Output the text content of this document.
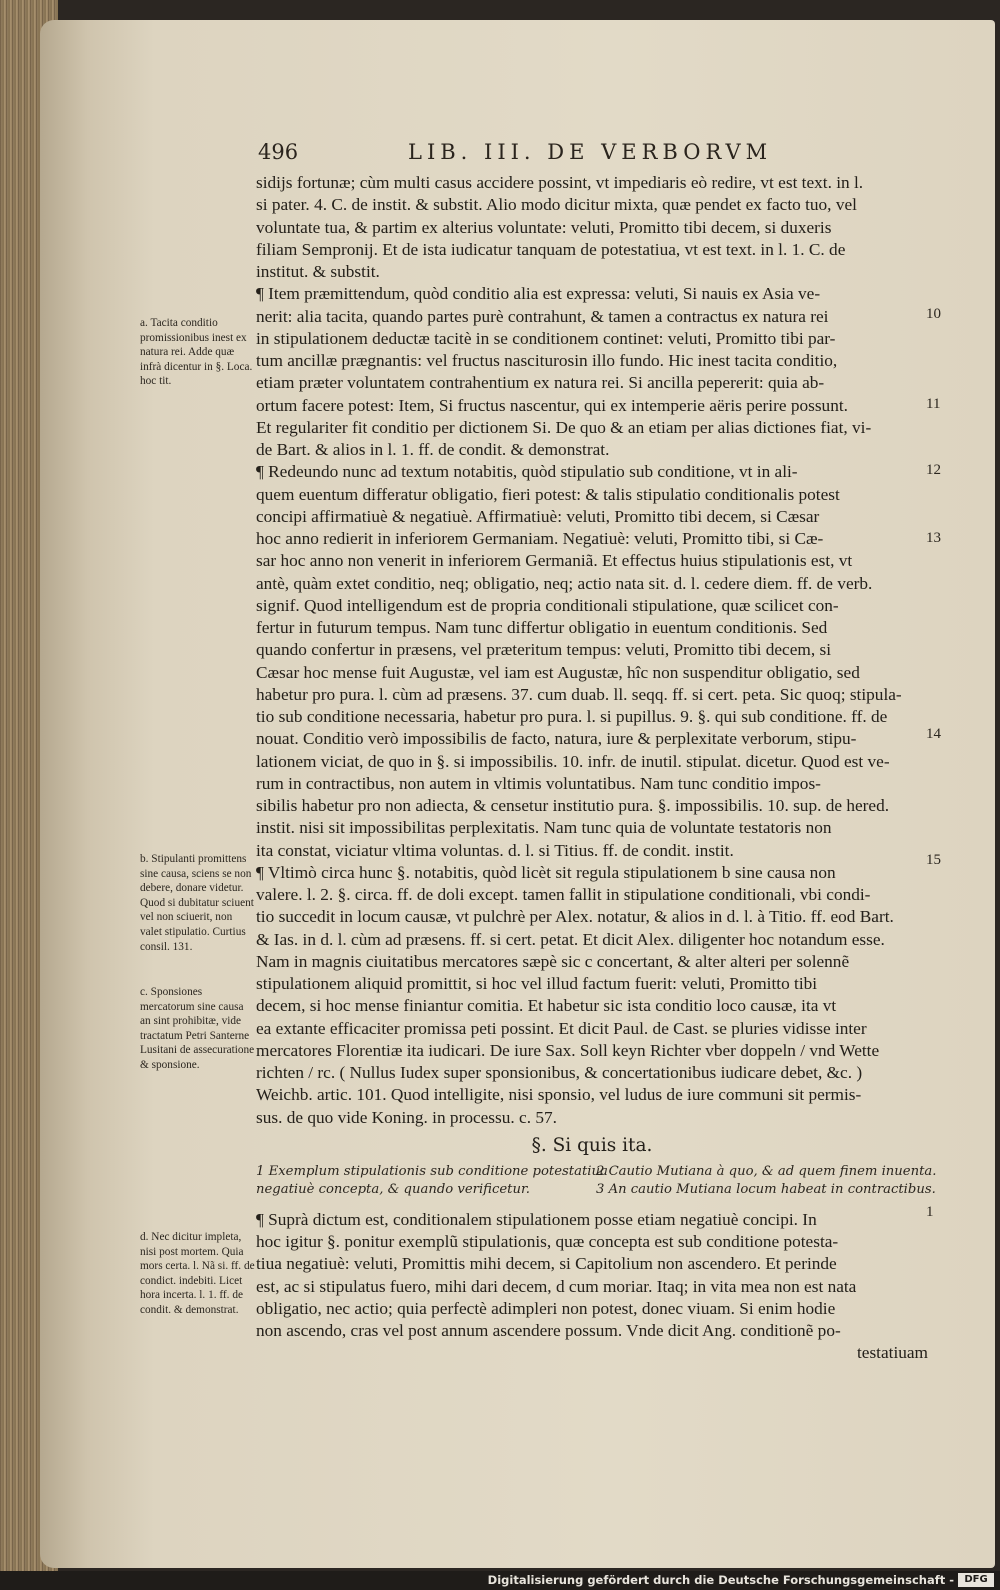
496	LIB. III. DE VERBORVM
sidijs fortunæ; cùm multi casus accidere possint, vt impediaris eò redire, vt est text. in l.
si pater. 4. C. de instit. & substit. Alio modo dicitur mixta, quæ pendet ex facto tuo, vel
voluntate tua, & partim ex alterius voluntate: veluti, Promitto tibi decem, si duxeris
filiam Sempronij. Et de ista iudicatur tanquam de potestatiua, vt est text. in l. 1. C. de
institut. & substit.
¶ Item præmittendum, quòd conditio alia est expressa: veluti, Si nauis ex Asia ve-
nerit: alia tacita, quando partes purè contrahunt, & tamen a contractus ex natura rei
in stipulationem deductæ tacitè in se conditionem continet: veluti, Promitto tibi par-
tum ancillæ prægnantis: vel fructus nasciturosin illo fundo. Hic inest tacita conditio,
etiam præter voluntatem contrahentium ex natura rei. Si ancilla pepererit: quia ab-
ortum facere potest: Item, Si fructus nascentur, qui ex intemperie aëris perire possunt.
Et regulariter fit conditio per dictionem Si. De quo & an etiam per alias dictiones fiat, vi-
de Bart. & alios in l. 1. ff. de condit. & demonstrat.
¶ Redeundo nunc ad textum notabitis, quòd stipulatio sub conditione, vt in ali-
quem euentum differatur obligatio, fieri potest: & talis stipulatio conditionalis potest
concipi affirmatiuè & negatiuè. Affirmatiuè: veluti, Promitto tibi decem, si Cæsar
hoc anno redierit in inferiorem Germaniam. Negatiuè: veluti, Promitto tibi, si Cæ-
sar hoc anno non venerit in inferiorem Germaniã. Et effectus huius stipulationis est, vt
antè, quàm extet conditio, neq; obligatio, neq; actio nata sit. d. l. cedere diem. ff. de verb.
signif. Quod intelligendum est de propria conditionali stipulatione, quæ scilicet con-
fertur in futurum tempus. Nam tunc differtur obligatio in euentum conditionis. Sed
quando confertur in præsens, vel præteritum tempus: veluti, Promitto tibi decem, si
Cæsar hoc mense fuit Augustæ, vel iam est Augustæ, hîc non suspenditur obligatio, sed
habetur pro pura. l. cùm ad præsens. 37. cum duab. ll. seqq. ff. si cert. peta. Sic quoq; stipula-
tio sub conditione necessaria, habetur pro pura. l. si pupillus. 9. §. qui sub conditione. ff. de
nouat. Conditio verò impossibilis de facto, natura, iure & perplexitate verborum, stipu-
lationem viciat, de quo in §. si impossibilis. 10. infr. de inutil. stipulat. dicetur. Quod est ve-
rum in contractibus, non autem in vltimis voluntatibus. Nam tunc conditio impos-
sibilis habetur pro non adiecta, & censetur institutio pura. §. impossibilis. 10. sup. de hered.
instit. nisi sit impossibilitas perplexitatis. Nam tunc quia de voluntate testatoris non
ita constat, viciatur vltima voluntas. d. l. si Titius. ff. de condit. instit.
¶ Vltimò circa hunc §. notabitis, quòd licèt sit regula stipulationem b sine causa non
valere. l. 2. §. circa. ff. de doli except. tamen fallit in stipulatione conditionali, vbi condi-
tio succedit in locum causæ, vt pulchrè per Alex. notatur, & alios in d. l. à Titio. ff. eod Bart.
& Ias. in d. l. cùm ad præsens. ff. si cert. petat. Et dicit Alex. diligenter hoc notandum esse.
Nam in magnis ciuitatibus mercatores sæpè sic c concertant, & alter alteri per solennẽ
stipulationem aliquid promittit, si hoc vel illud factum fuerit: veluti, Promitto tibi
decem, si hoc mense finiantur comitia. Et habetur sic ista conditio loco causæ, ita vt
ea extante efficaciter promissa peti possint. Et dicit Paul. de Cast. se pluries vidisse inter
mercatores Florentiæ ita iudicari. De iure Sax. Soll keyn Richter vber doppeln / vnd Wette
richten / rc. ( Nullus Iudex super sponsionibus, & concertationibus iudicare debet, &c. )
Weichb. artic. 101. Quod intelligite, nisi sponsio, vel ludus de iure communi sit permis-
sus. de quo vide Koning. in processu. c. 57.
§. Si quis ita.
1 Exemplum stipulationis sub conditione potestatiua2 Cautio Mutiana à quo, & ad quem finem inuenta.
negatiuè concepta, & quando verificetur.	3 An cautio Mutiana locum habeat in contractibus.
¶ Suprà dictum est, conditionalem stipulationem posse etiam negatiuè concipi. In
hoc igitur §. ponitur exemplũ stipulationis, quæ concepta est sub conditione potesta-
tiua negatiuè: veluti, Promittis mihi decem, si Capitolium non ascendero. Et perinde
est, ac si stipulatus fuero, mihi dari decem, d cum moriar. Itaq; in vita mea non est nata
obligatio, nec actio; quia perfectè adimpleri non potest, donec viuam. Si enim hodie
non ascendo, cras vel post annum ascendere possum. Vnde dicit Ang. conditionẽ po-
testatiuam
a. Tacita conditio promissionibus inest ex natura rei. Adde quæ infrà dicentur in §. Loca. hoc tit.
b. Stipulanti promittens sine causa, sciens se non debere, donare videtur. Quod si dubitatur sciuent vel non sciuerit, non valet stipulatio. Curtius consil. 131.
c. Sponsiones mercatorum sine causa an sint prohibitæ, vide tractatum Petri Santerne Lusitani de assecuratione & sponsione.
d. Nec dicitur impleta, nisi post mortem. Quia mors certa. l. Nã si. ff. de condict. indebiti. Licet hora incerta. l. 1. ff. de condit. & demonstrat.
10
11
12
13
14
15
1
Digitalisierung gefördert durch die Deutsche Forschungsgemeinschaft -	DFG
